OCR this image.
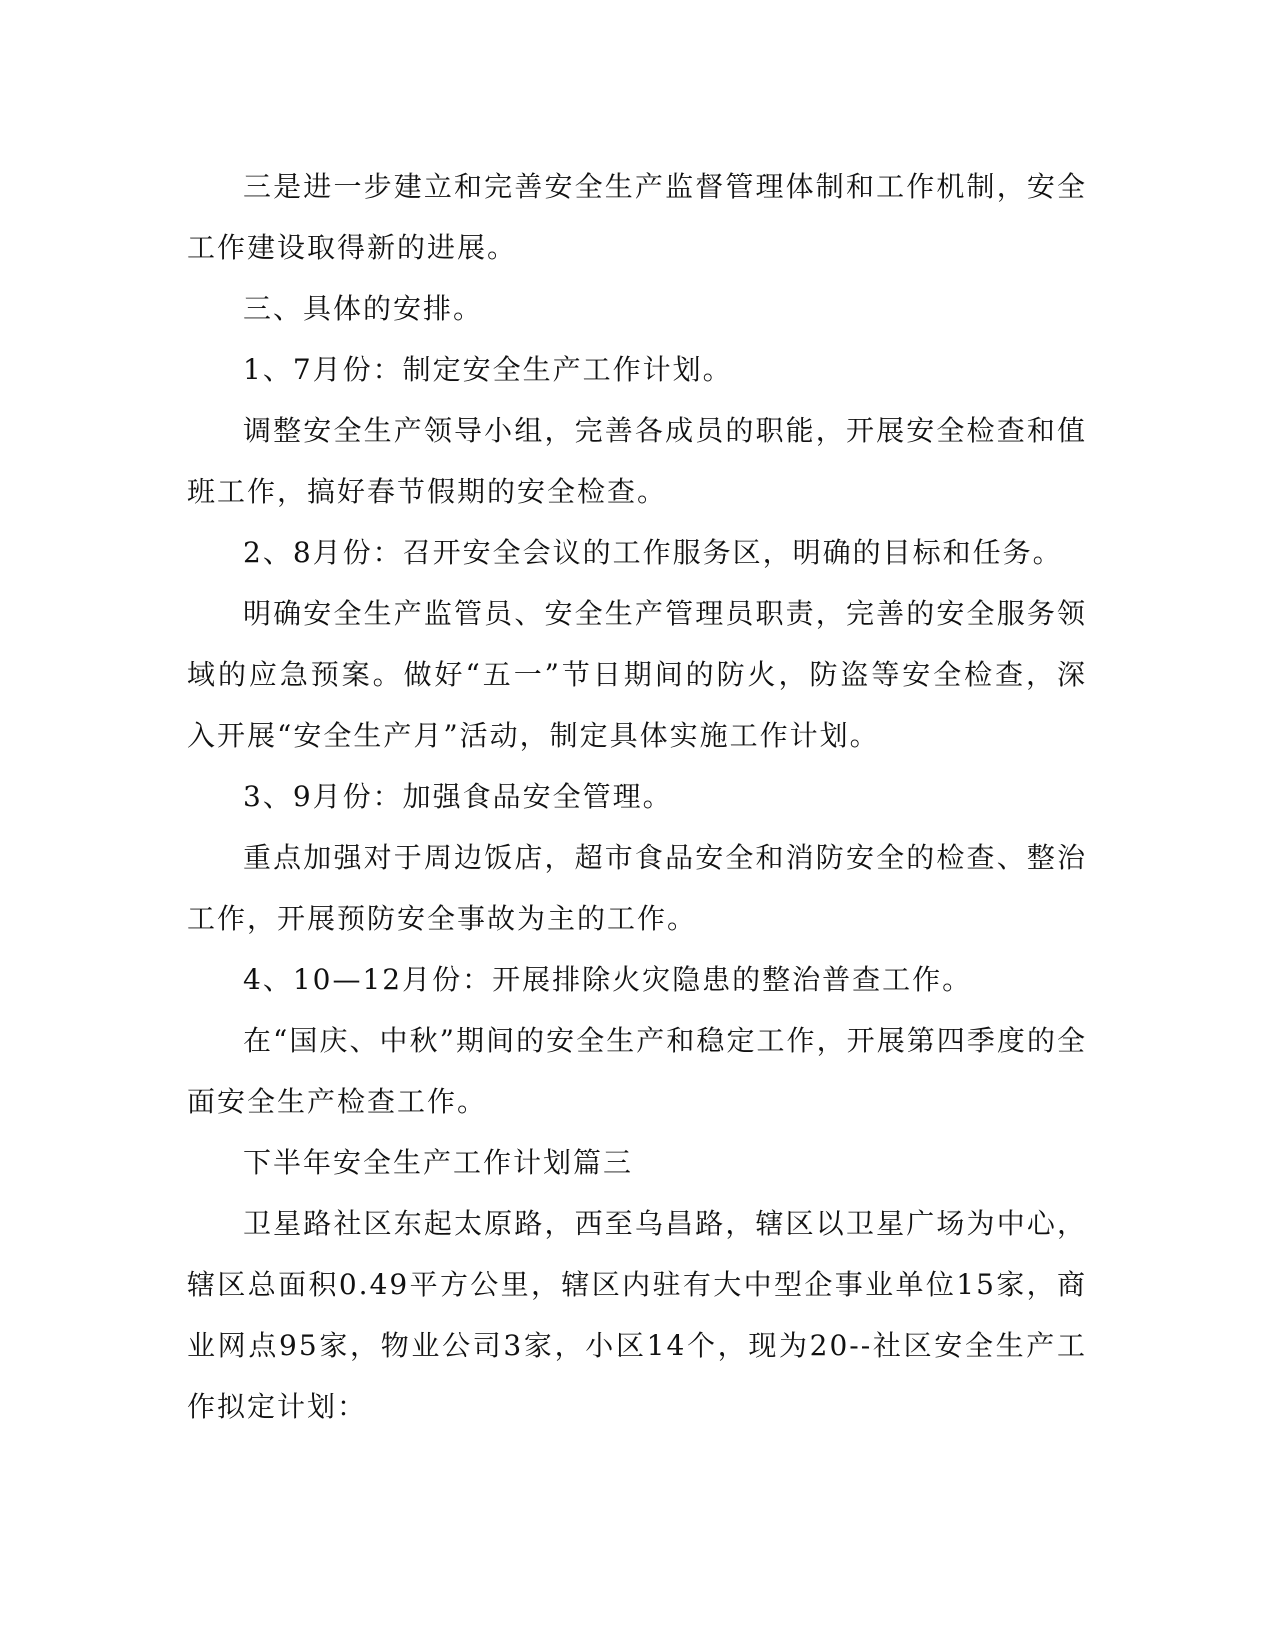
三是进一步建立和完善安全生产监督管理体制和工作机制，安全工作建设取得新的进展。

三、具体的安排。

1、7月份：制定安全生产工作计划。

调整安全生产领导小组，完善各成员的职能，开展安全检查和值班工作，搞好春节假期的安全检查。

2、8月份：召开安全会议的工作服务区，明确的目标和任务。

明确安全生产监管员、安全生产管理员职责，完善的安全服务领域的应急预案。做好“五一”节日期间的防火，防盗等安全检查，深入开展“安全生产月”活动，制定具体实施工作计划。

3、9月份：加强食品安全管理。

重点加强对于周边饭店，超市食品安全和消防安全的检查、整治工作，开展预防安全事故为主的工作。

4、10—12月份：开展排除火灾隐患的整治普查工作。

在“国庆、中秋”期间的安全生产和稳定工作，开展第四季度的全面安全生产检查工作。

下半年安全生产工作计划篇三

卫星路社区东起太原路，西至乌昌路，辖区以卫星广场为中心，辖区总面积0.49平方公里，辖区内驻有大中型企事业单位15家，商业网点95家，物业公司3家，小区14个，现为20--社区安全生产工作拟定计划：
